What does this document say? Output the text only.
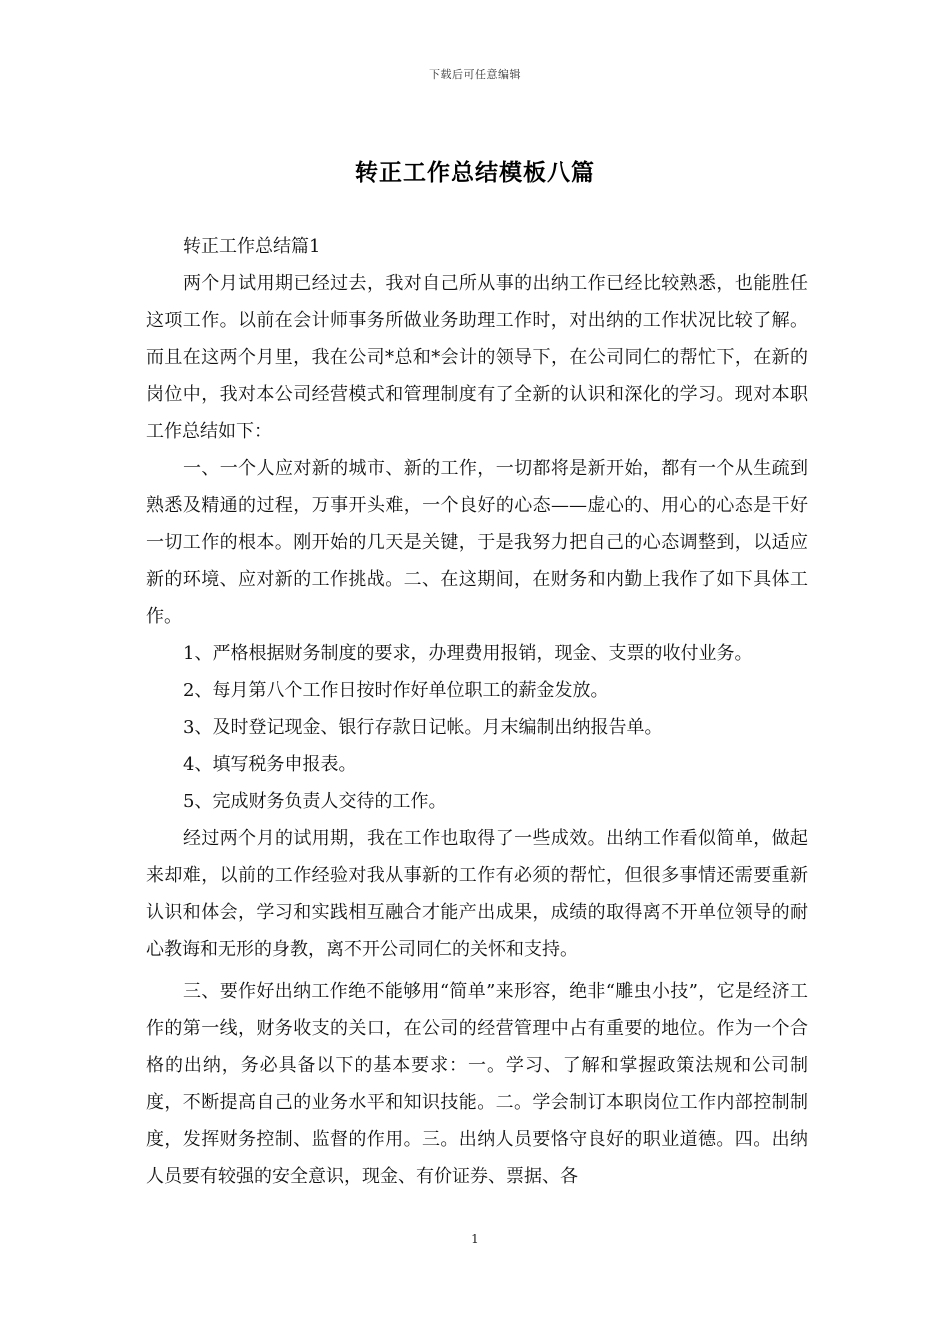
下载后可任意编辑
转正工作总结模板八篇

转正工作总结篇1

两个月试用期已经过去，我对自己所从事的出纳工作已经比较熟悉，也能胜任这项工作。以前在会计师事务所做业务助理工作时，对出纳的工作状况比较了解。而且在这两个月里，我在公司*总和*会计的领导下，在公司同仁的帮忙下，在新的岗位中，我对本公司经营模式和管理制度有了全新的认识和深化的学习。现对本职工作总结如下：

一、一个人应对新的城市、新的工作，一切都将是新开始，都有一个从生疏到熟悉及精通的过程，万事开头难，一个良好的心态——虚心的、用心的心态是干好一切工作的根本。刚开始的几天是关键，于是我努力把自己的心态调整到，以适应新的环境、应对新的工作挑战。二、在这期间，在财务和内勤上我作了如下具体工作。

1、严格根据财务制度的要求，办理费用报销，现金、支票的收付业务。

2、每月第八个工作日按时作好单位职工的薪金发放。

3、及时登记现金、银行存款日记帐。月末编制出纳报告单。

4、填写税务申报表。

5、完成财务负责人交待的工作。

经过两个月的试用期，我在工作也取得了一些成效。出纳工作看似简单，做起来却难，以前的工作经验对我从事新的工作有必须的帮忙，但很多事情还需要重新认识和体会，学习和实践相互融合才能产出成果，成绩的取得离不开单位领导的耐心教诲和无形的身教，离不开公司同仁的关怀和支持。

三、要作好出纳工作绝不能够用“简单”来形容，绝非“雕虫小技”，它是经济工作的第一线，财务收支的关口，在公司的经营管理中占有重要的地位。作为一个合格的出纳，务必具备以下的基本要求：一。学习、了解和掌握政策法规和公司制度，不断提高自己的业务水平和知识技能。二。学会制订本职岗位工作内部控制制度，发挥财务控制、监督的作用。三。出纳人员要恪守良好的职业道德。四。出纳人员要有较强的安全意识，现金、有价证券、票据、各

1
